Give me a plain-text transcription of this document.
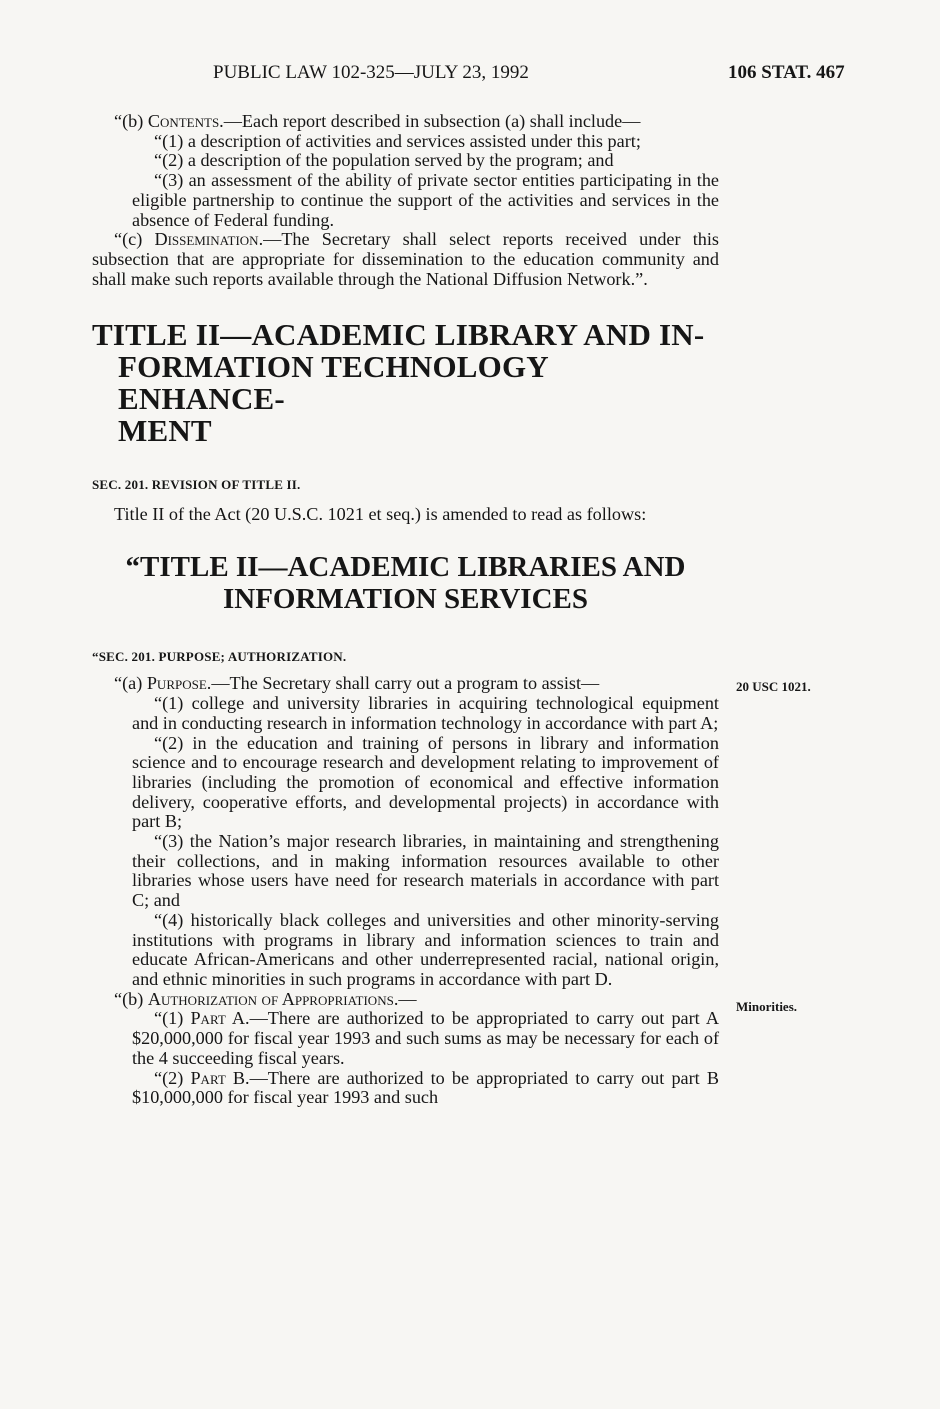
PUBLIC LAW 102-325—JULY 23, 1992	106 STAT. 467

“(b) Contents.—Each report described in subsection (a) shall include—

“(1) a description of activities and services assisted under this part;

“(2) a description of the population served by the program; and

“(3) an assessment of the ability of private sector entities participating in the eligible partnership to continue the support of the activities and services in the absence of Federal funding.

“(c) Dissemination.—The Secretary shall select reports received under this subsection that are appropriate for dissemination to the education community and shall make such reports available through the National Diffusion Network.”.

TITLE II—ACADEMIC LIBRARY AND IN-
FORMATION TECHNOLOGY ENHANCE-
MENT
SEC. 201. REVISION OF TITLE II.

Title II of the Act (20 U.S.C. 1021 et seq.) is amended to read as follows:

“TITLE II—ACADEMIC LIBRARIES AND
INFORMATION SERVICES
“SEC. 201. PURPOSE; AUTHORIZATION.

“(a) Purpose.—The Secretary shall carry out a program to assist—

“(1) college and university libraries in acquiring technological equipment and in conducting research in information technology in accordance with part A;

“(2) in the education and training of persons in library and information science and to encourage research and development relating to improvement of libraries (including the promotion of economical and effective information delivery, cooperative efforts, and developmental projects) in accordance with part B;

“(3) the Nation’s major research libraries, in maintaining and strengthening their collections, and in making information resources available to other libraries whose users have need for research materials in accordance with part C; and

“(4) historically black colleges and universities and other minority-serving institutions with programs in library and information sciences to train and educate African-Americans and other underrepresented racial, national origin, and ethnic minorities in such programs in accordance with part D.

“(b) Authorization of Appropriations.—

“(1) Part A.—There are authorized to be appropriated to carry out part A $20,000,000 for fiscal year 1993 and such sums as may be necessary for each of the 4 succeeding fiscal years.

“(2) Part B.—There are authorized to be appropriated to carry out part B $10,000,000 for fiscal year 1993 and such

20 USC 1021.
Minorities.
